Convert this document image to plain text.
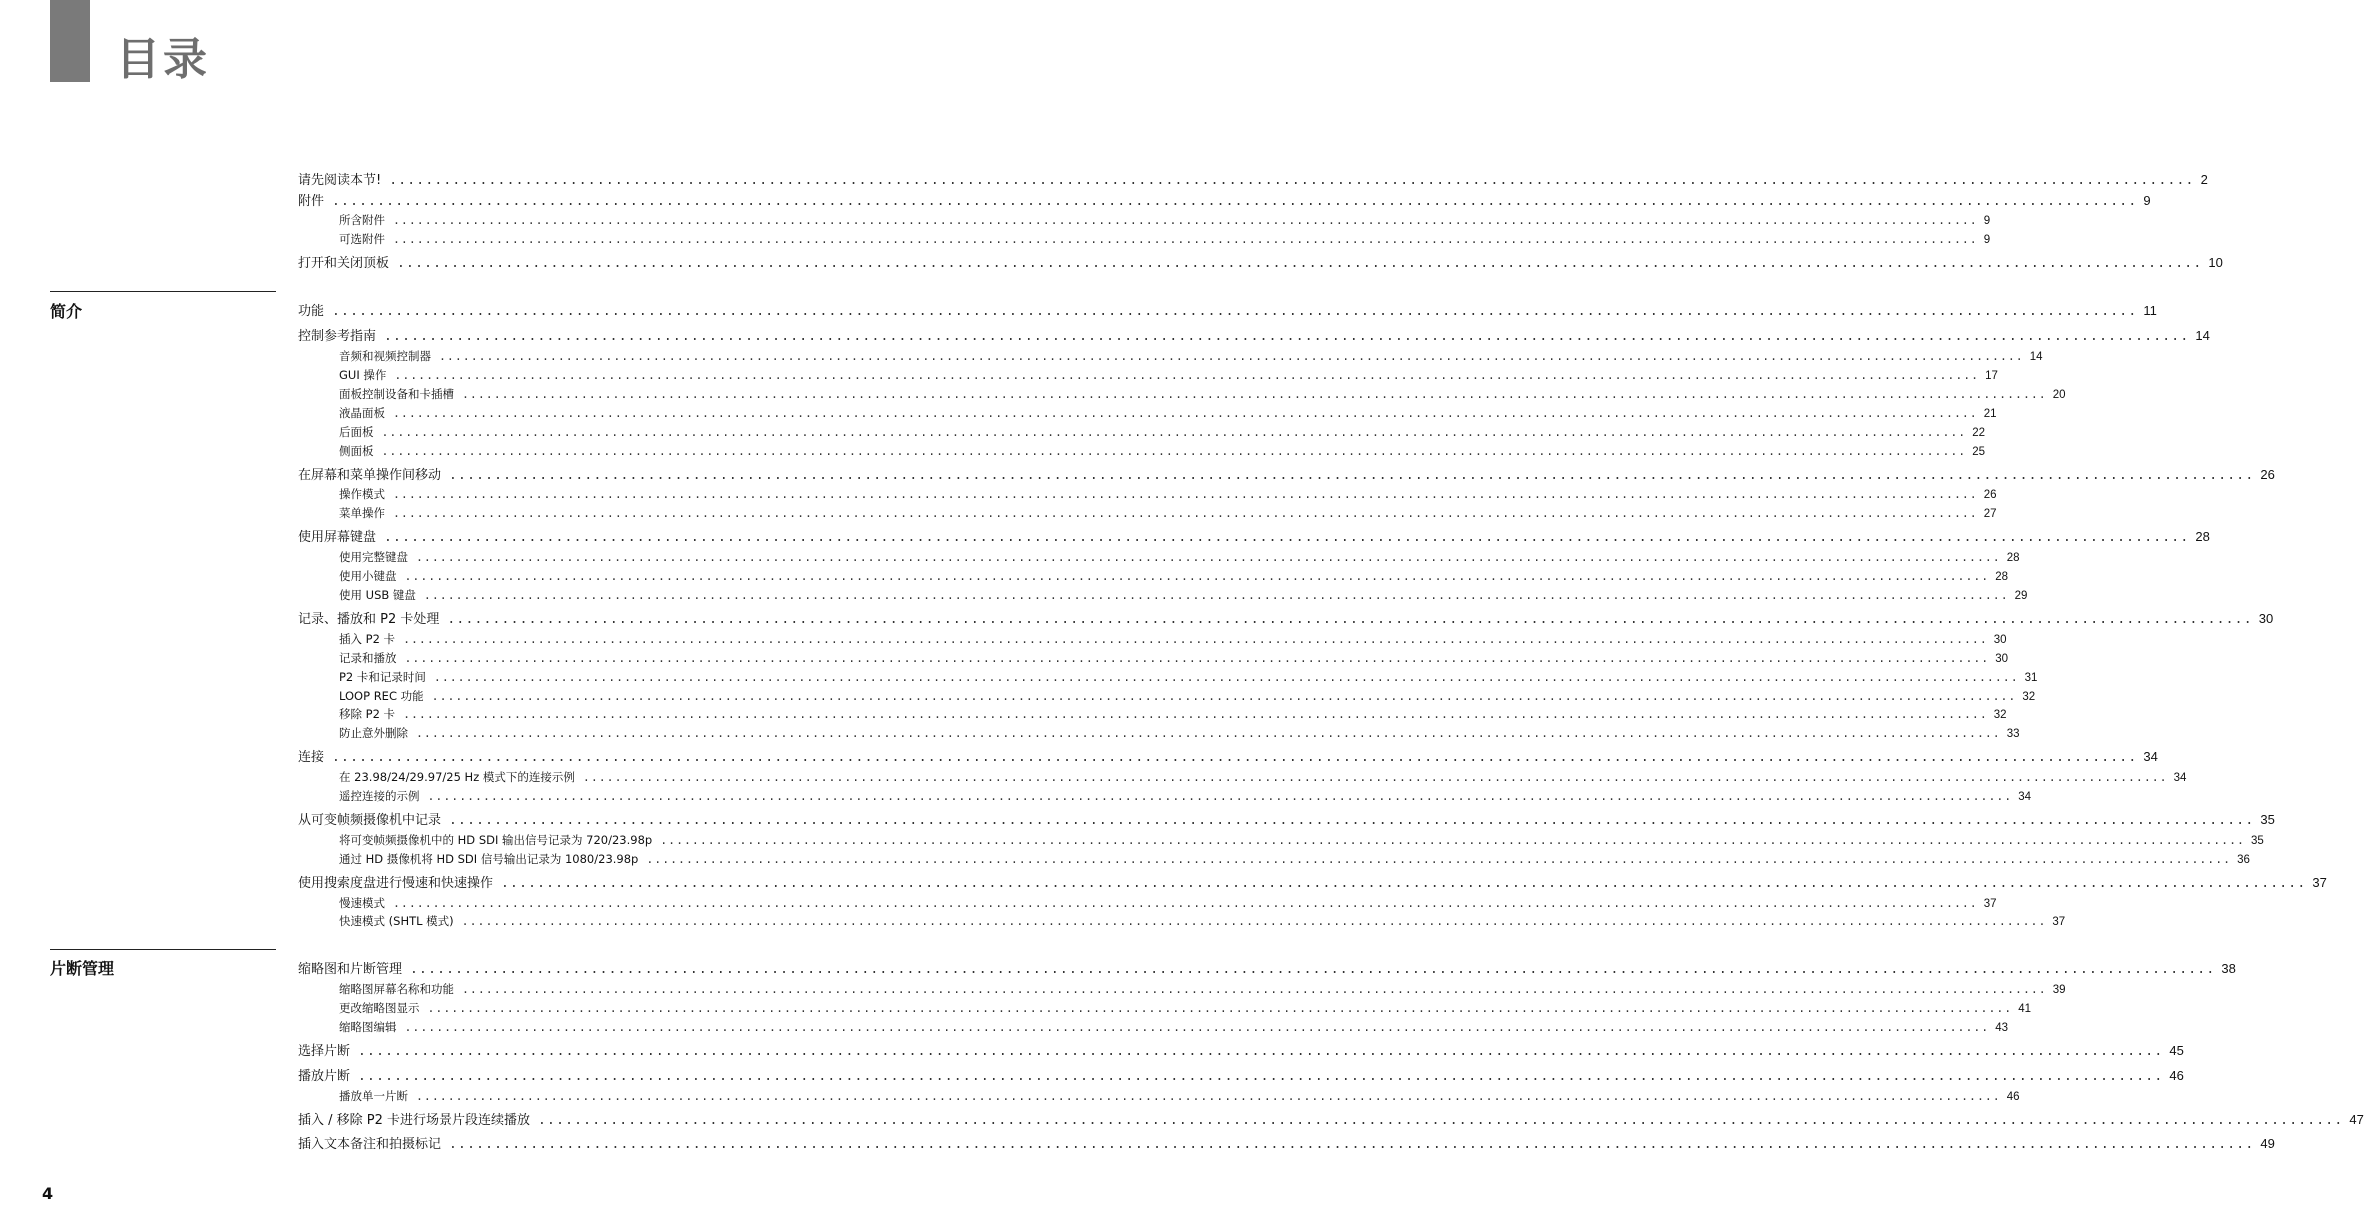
目录
简介
片断管理
请先阅读本节! ........................................................................................................................................................................................................ 2
附件 ........................................................................................................................................................................................................ 9
所含附件 ........................................................................................................................................................................................................ 9
可选附件 ........................................................................................................................................................................................................ 9
打开和关闭顶板 ........................................................................................................................................................................................................ 10
功能 ........................................................................................................................................................................................................ 11
控制参考指南 ........................................................................................................................................................................................................ 14
音频和视频控制器 ........................................................................................................................................................................................................ 14
GUI 操作 ........................................................................................................................................................................................................ 17
面板控制设备和卡插槽 ........................................................................................................................................................................................................ 20
液晶面板 ........................................................................................................................................................................................................ 21
后面板 ........................................................................................................................................................................................................ 22
侧面板 ........................................................................................................................................................................................................ 25
在屏幕和菜单操作间移动 ........................................................................................................................................................................................................ 26
操作模式 ........................................................................................................................................................................................................ 26
菜单操作 ........................................................................................................................................................................................................ 27
使用屏幕键盘 ........................................................................................................................................................................................................ 28
使用完整键盘 ........................................................................................................................................................................................................ 28
使用小键盘 ........................................................................................................................................................................................................ 28
使用 USB 键盘 ........................................................................................................................................................................................................ 29
记录、播放和 P2 卡处理 ........................................................................................................................................................................................................ 30
插入 P2 卡 ........................................................................................................................................................................................................ 30
记录和播放 ........................................................................................................................................................................................................ 30
P2 卡和记录时间 ........................................................................................................................................................................................................ 31
LOOP REC 功能 ........................................................................................................................................................................................................ 32
移除 P2 卡 ........................................................................................................................................................................................................ 32
防止意外删除 ........................................................................................................................................................................................................ 33
连接 ........................................................................................................................................................................................................ 34
在 23.98/24/29.97/25 Hz 模式下的连接示例 ........................................................................................................................................................................................................ 34
遥控连接的示例 ........................................................................................................................................................................................................ 34
从可变帧频摄像机中记录 ........................................................................................................................................................................................................ 35
将可变帧频摄像机中的 HD SDI 输出信号记录为 720/23.98p ........................................................................................................................................................................................................ 35
通过 HD 摄像机将 HD SDI 信号输出记录为 1080/23.98p ........................................................................................................................................................................................................ 36
使用搜索度盘进行慢速和快速操作 ........................................................................................................................................................................................................ 37
慢速模式 ........................................................................................................................................................................................................ 37
快速模式 (SHTL 模式) ........................................................................................................................................................................................................ 37
缩略图和片断管理 ........................................................................................................................................................................................................ 38
缩略图屏幕名称和功能 ........................................................................................................................................................................................................ 39
更改缩略图显示 ........................................................................................................................................................................................................ 41
缩略图编辑 ........................................................................................................................................................................................................ 43
选择片断 ........................................................................................................................................................................................................ 45
播放片断 ........................................................................................................................................................................................................ 46
播放单一片断 ........................................................................................................................................................................................................ 46
插入 / 移除 P2 卡进行场景片段连续播放 ........................................................................................................................................................................................................ 47
插入文本备注和拍摄标记 ........................................................................................................................................................................................................ 49
4
